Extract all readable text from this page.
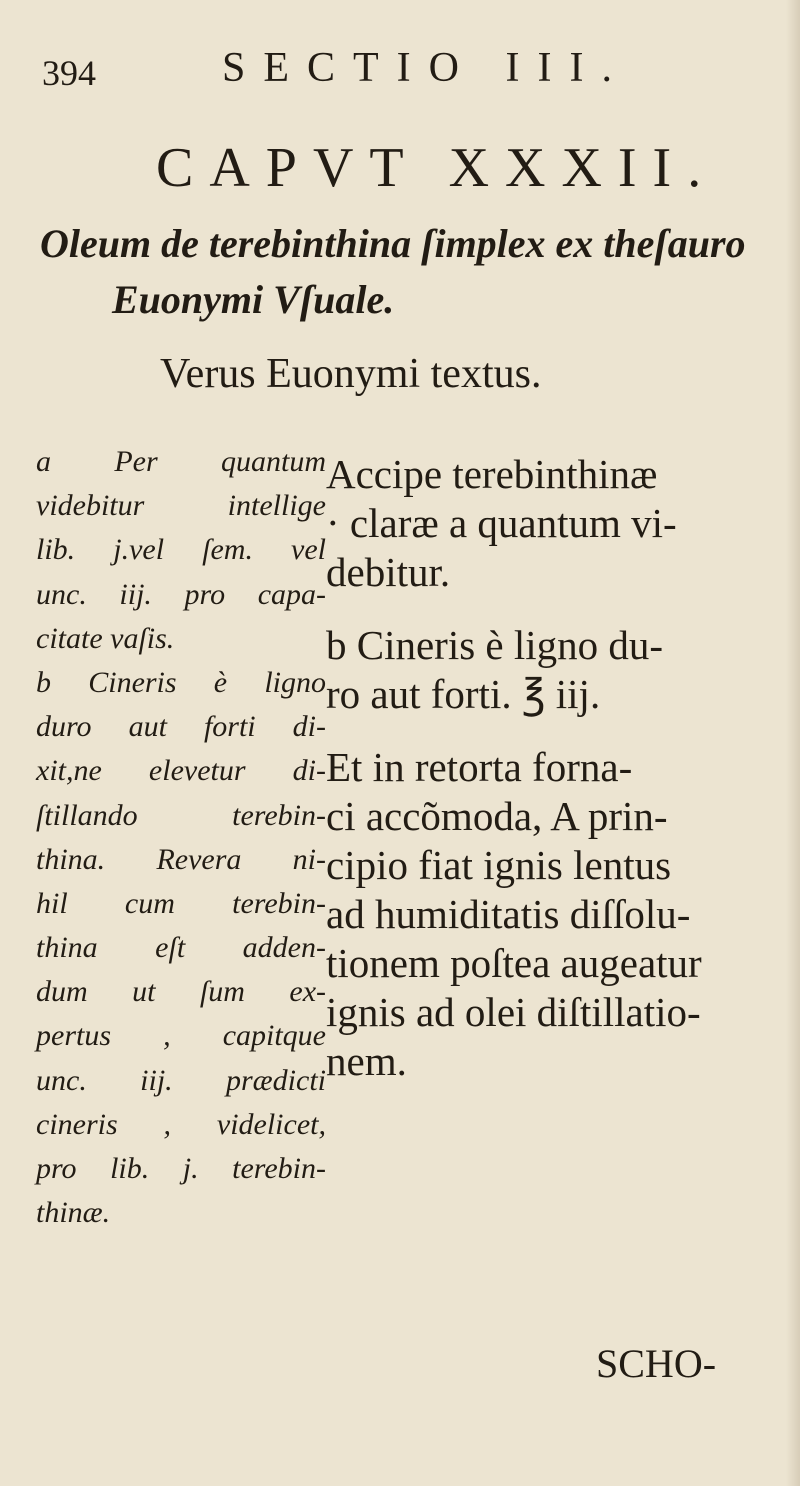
394	SECTIO III.
CAPVT XXXII.
Oleum de terebinthina ſimplex ex theſauro
Euonymi Vſuale.
Verus Euonymi textus.
a Per quantum
videbitur intellige
lib. j.vel ſem. vel
unc. iij. pro capa-
citate vaſis.
b Cineris è ligno
duro aut forti di-
xit,ne elevetur di-
ſtillando terebin-
thina. Revera ni-
hil cum terebin-
thina eſt adden-
dum ut ſum ex-
pertus , capitque
unc. iij. prædicti
cineris , videlicet,
pro lib. j. terebin-
thinæ.
Accipe terebinthinæ
· claræ a quantum vi-
debitur.
b Cineris è ligno du-
ro aut forti. ℥ iij.
Et in retorta forna-
ci accõmoda, A prin-
cipio fiat ignis lentus
ad humiditatis diſſolu-
tionem poſtea augeatur
ignis ad olei diſtillatio-
nem.
SCHO-
